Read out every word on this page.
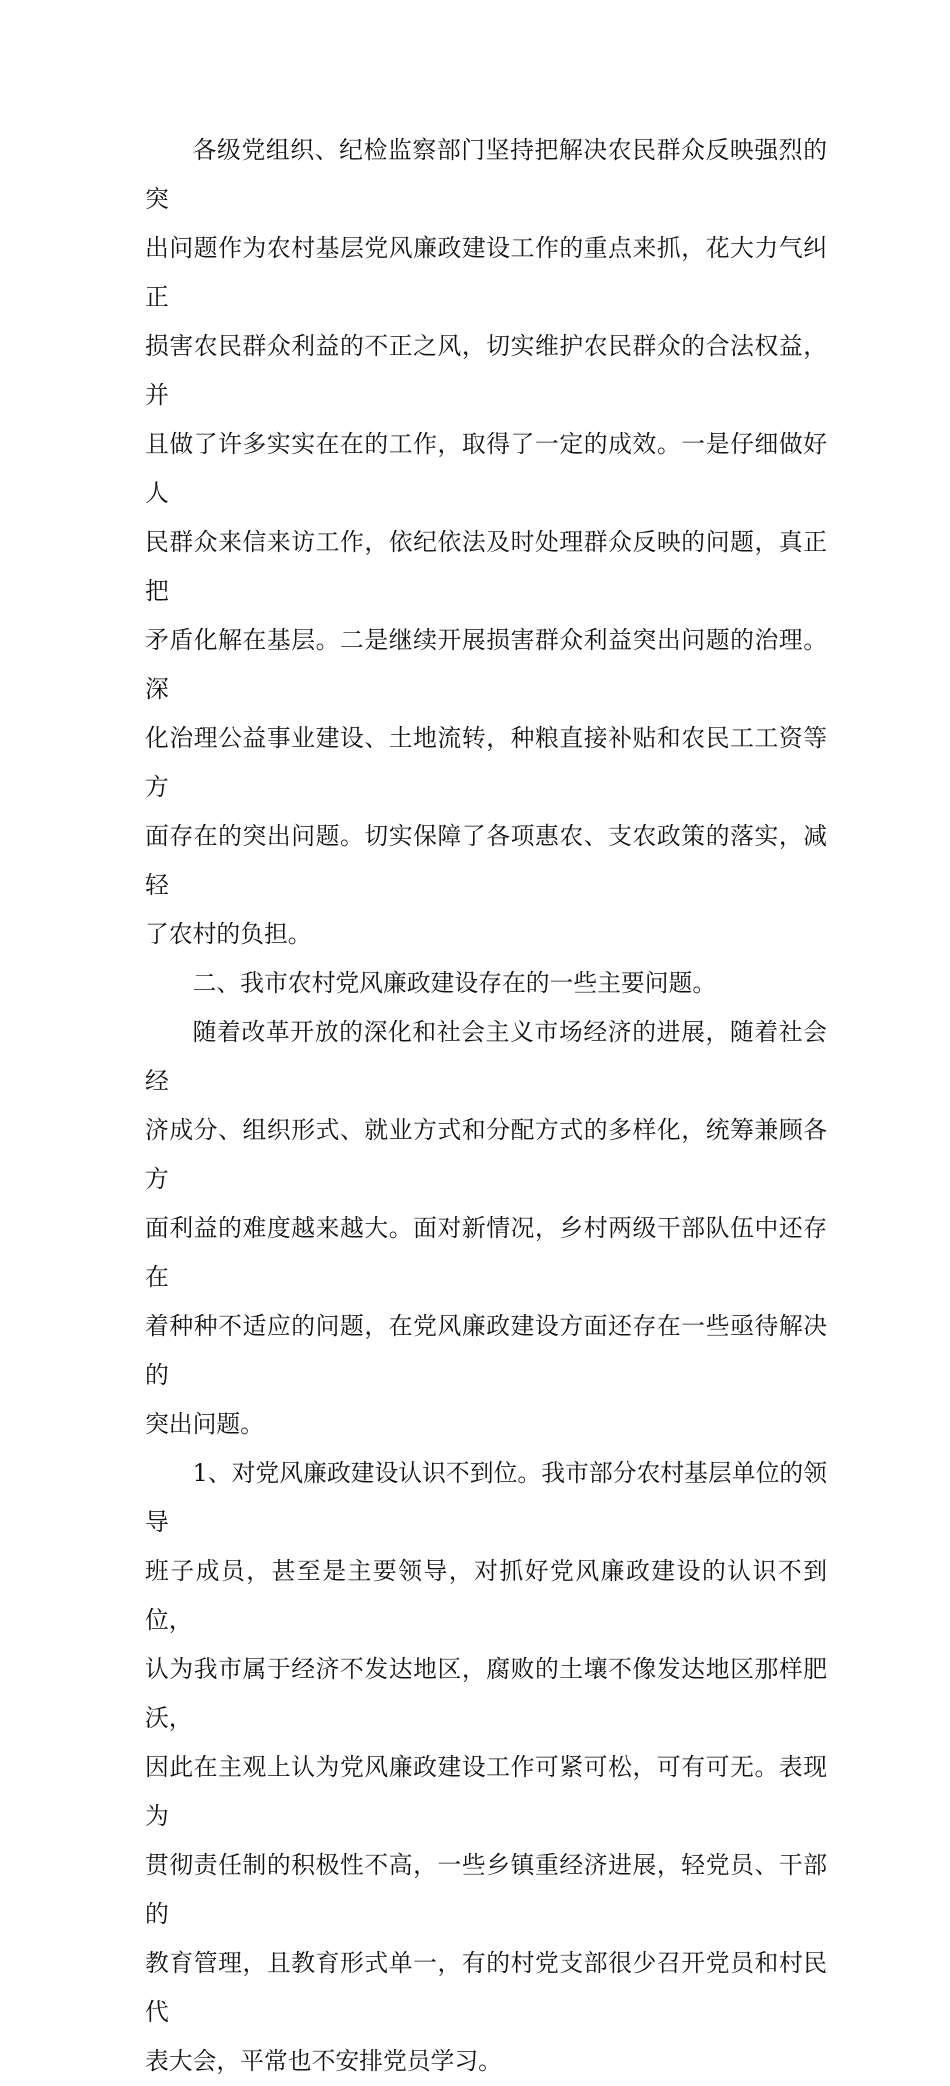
各级党组织、纪检监察部门坚持把解决农民群众反映强烈的突
出问题作为农村基层党风廉政建设工作的重点来抓，花大力气纠正
损害农民群众利益的不正之风，切实维护农民群众的合法权益，并
且做了许多实实在在的工作，取得了一定的成效。一是仔细做好人
民群众来信来访工作，依纪依法及时处理群众反映的问题，真正把
矛盾化解在基层。二是继续开展损害群众利益突出问题的治理。深
化治理公益事业建设、土地流转，种粮直接补贴和农民工工资等方
面存在的突出问题。切实保障了各项惠农、支农政策的落实，减轻
了农村的负担。

二、我市农村党风廉政建设存在的一些主要问题。

随着改革开放的深化和社会主义市场经济的进展，随着社会经
济成分、组织形式、就业方式和分配方式的多样化，统筹兼顾各方
面利益的难度越来越大。面对新情况，乡村两级干部队伍中还存在
着种种不适应的问题，在党风廉政建设方面还存在一些亟待解决的
突出问题。

1、对党风廉政建设认识不到位。我市部分农村基层单位的领导
班子成员，甚至是主要领导，对抓好党风廉政建设的认识不到位，
认为我市属于经济不发达地区，腐败的土壤不像发达地区那样肥沃，
因此在主观上认为党风廉政建设工作可紧可松，可有可无。表现为
贯彻责任制的积极性不高，一些乡镇重经济进展，轻党员、干部的
教育管理，且教育形式单一，有的村党支部很少召开党员和村民代
表大会，平常也不安排党员学习。
